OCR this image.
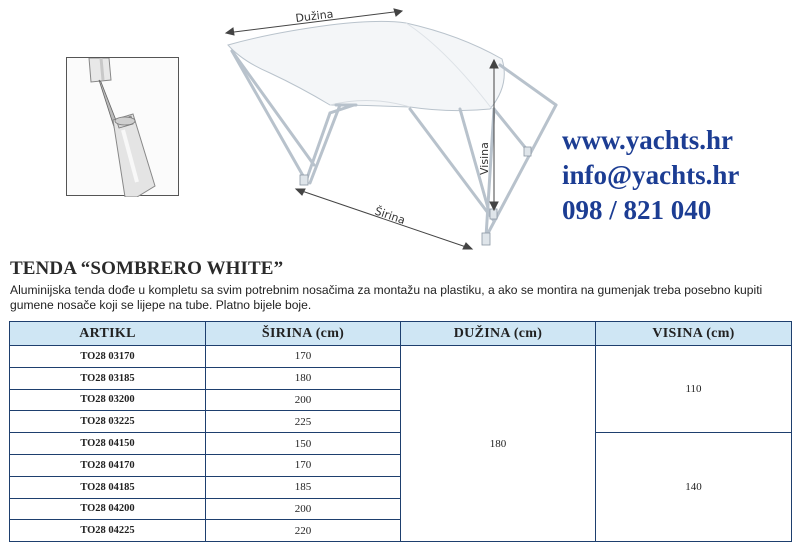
Dužina
Visina
Širina
www.yachts.hr
info@yachts.hr
098 / 821 040
TENDA “SOMBRERO WHITE”
Aluminijska tenda dođe u kompletu sa svim potrebnim nosačima za montažu na plastiku, a ako se montira na gumenjak treba posebno kupiti gumene nosače koji se lijepe na tube. Platno bijele boje.
ARTIKL	ŠIRINA (cm)	DUŽINA (cm)	VISINA (cm)
TO28 03170	170	180	110
TO28 03185	180		
TO28 03200	200		
TO28 03225	225		
TO28 04150	150		140
TO28 04170	170		
TO28 04185	185		
TO28 04200	200		
TO28 04225	220		
